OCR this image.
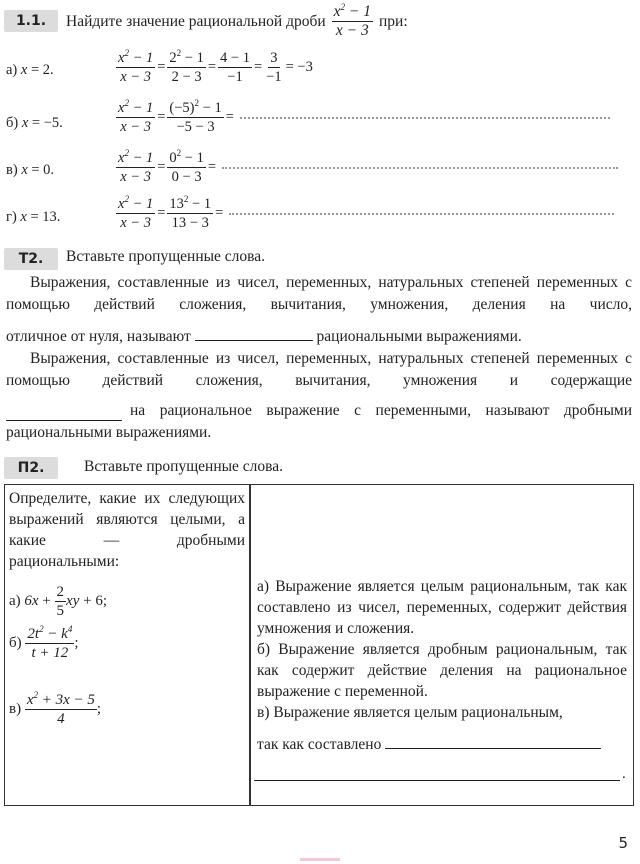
1.1.	Найдите значение рациональной дроби $\frac{x^2 - 1}{x - 3}$ при:
а) x = 2.	$\frac{x^2 - 1}{x - 3} = \frac{2^2 - 1}{2 - 3} = \frac{4 - 1}{-1} = \frac{3}{-1} = -3$
б) x = −5.	$\frac{x^2 - 1}{x - 3} = \frac{(-5)^2 - 1}{-5 - 3}$ =
в) x = 0.	$\frac{x^2 - 1}{x - 3} = \frac{0^2 - 1}{0 - 3}$ =
г) x = 13.	$\frac{x^2 - 1}{x - 3} = \frac{13^2 - 1}{13 - 3}$ =
Т2.	Вставьте пропущенные слова.
Выражения, составленные из чисел, переменных, натуральных степеней переменных с помощью действий сложения, вычитания, умножения, деления на число,
отличное от нуля, называют	рациональными выражениями.
Выражения, составленные из чисел, переменных, натуральных степеней переменных с помощью действий сложения, вычитания, умножения и содержащие
на рациональное выражение с переменными, называют дробными рациональными выражениями.
П2.	Вставьте пропущенные слова.
Определите, какие их следующих выражений являются целыми, а какие — дробными рациональными:
а) $6x + \frac{2}{5}$ xy + 6;
$б) \frac{2t^2 - k^4}{t + 12}$ ;
$в) \frac{x^2 + 3x - 5}{4}$ ;
а) Выражение является целым рациональным, так как составлено из чисел, переменных, содержит действия умножения и сложения.
б) Выражение является дробным рациональным, так как содержит действие деления на рациональное выражение с переменной.
в) Выражение является целым рациональным,
так как составлено
.
5
